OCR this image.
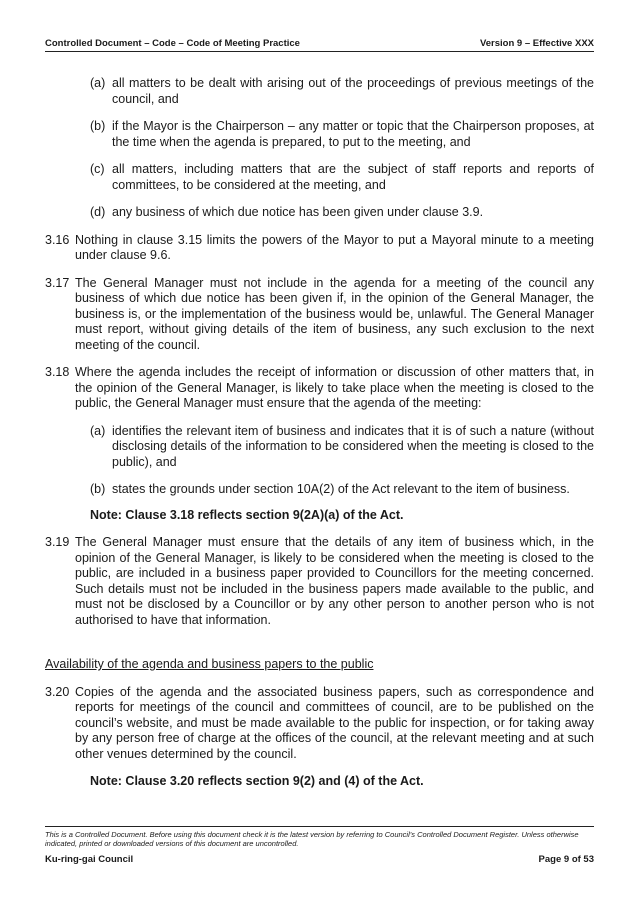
Controlled Document – Code – Code of Meeting Practice	Version 9 – Effective XXX
(a) all matters to be dealt with arising out of the proceedings of previous meetings of the council, and
(b) if the Mayor is the Chairperson – any matter or topic that the Chairperson proposes, at the time when the agenda is prepared, to put to the meeting, and
(c) all matters, including matters that are the subject of staff reports and reports of committees, to be considered at the meeting, and
(d) any business of which due notice has been given under clause 3.9.
3.16 Nothing in clause 3.15 limits the powers of the Mayor to put a Mayoral minute to a meeting under clause 9.6.
3.17 The General Manager must not include in the agenda for a meeting of the council any business of which due notice has been given if, in the opinion of the General Manager, the business is, or the implementation of the business would be, unlawful. The General Manager must report, without giving details of the item of business, any such exclusion to the next meeting of the council.
3.18 Where the agenda includes the receipt of information or discussion of other matters that, in the opinion of the General Manager, is likely to take place when the meeting is closed to the public, the General Manager must ensure that the agenda of the meeting:
(a) identifies the relevant item of business and indicates that it is of such a nature (without disclosing details of the information to be considered when the meeting is closed to the public), and
(b) states the grounds under section 10A(2) of the Act relevant to the item of business.
Note: Clause 3.18 reflects section 9(2A)(a) of the Act.
3.19 The General Manager must ensure that the details of any item of business which, in the opinion of the General Manager, is likely to be considered when the meeting is closed to the public, are included in a business paper provided to Councillors for the meeting concerned. Such details must not be included in the business papers made available to the public, and must not be disclosed by a Councillor or by any other person to another person who is not authorised to have that information.
Availability of the agenda and business papers to the public
3.20 Copies of the agenda and the associated business papers, such as correspondence and reports for meetings of the council and committees of council, are to be published on the council’s website, and must be made available to the public for inspection, or for taking away by any person free of charge at the offices of the council, at the relevant meeting and at such other venues determined by the council.
Note: Clause 3.20 reflects section 9(2) and (4) of the Act.
This is a Controlled Document. Before using this document check it is the latest version by referring to Council’s Controlled Document Register. Unless otherwise indicated, printed or downloaded versions of this document are uncontrolled.
Ku-ring-gai Council	Page 9 of 53
